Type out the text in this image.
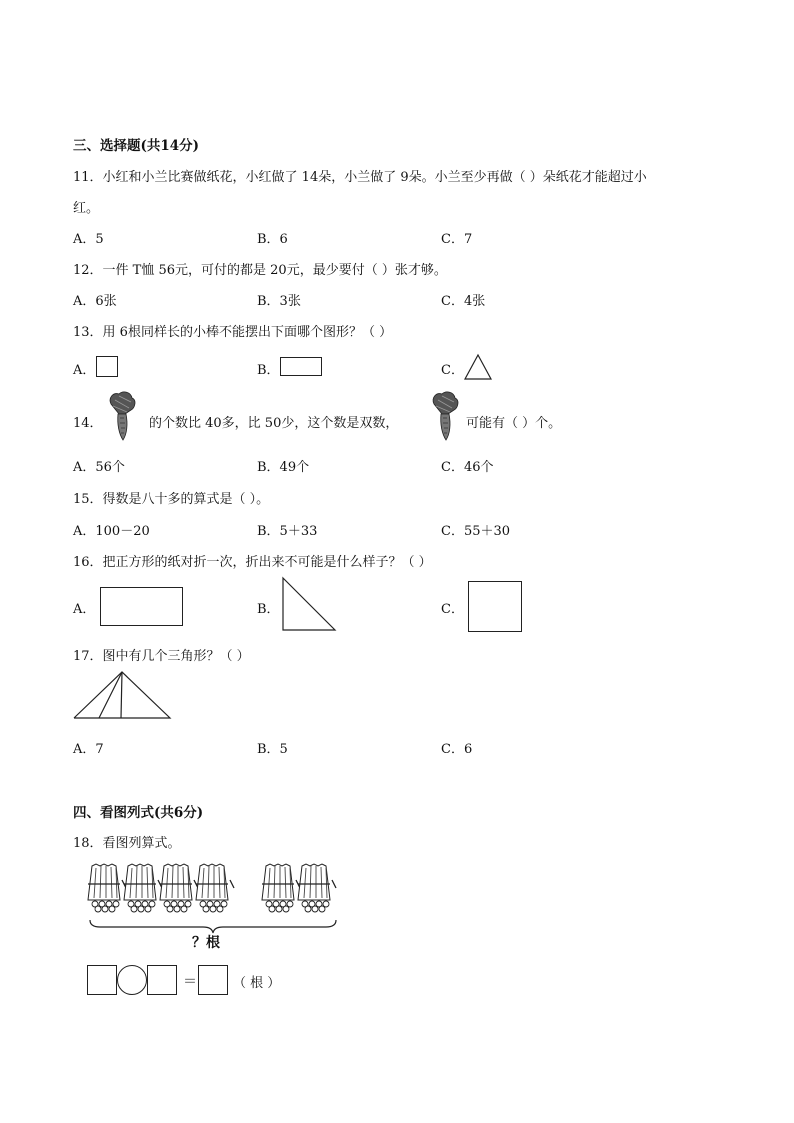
三、选择题(共14分)
11．小红和小兰比赛做纸花，小红做了 14朵，小兰做了 9朵。小兰至少再做（ ）朵纸花才能超过小
红。
A．5	B．6	C．7
12．一件 T恤 56元，可付的都是 20元，最少要付（ ）张才够。
A．6张	B．3张	C．4张
13．用 6根同样长的小棒不能摆出下面哪个图形？（ ）
A．	B．	C．
14．	的个数比 40多，比 50少，这个数是双数，	可能有（ ）个。
A．56个	B．49个	C．46个
15．得数是八十多的算式是（ ）。
A．100－20	B．5＋33	C．55＋30
16．把正方形的纸对折一次，折出来不可能是什么样子？（ ）
A．	B．	C．
17．图中有几个三角形？（ ）
A．7	B．5	C．6
四、看图列式(共6分)
18．看图列算式。
？根
＝	（ 根 ）
